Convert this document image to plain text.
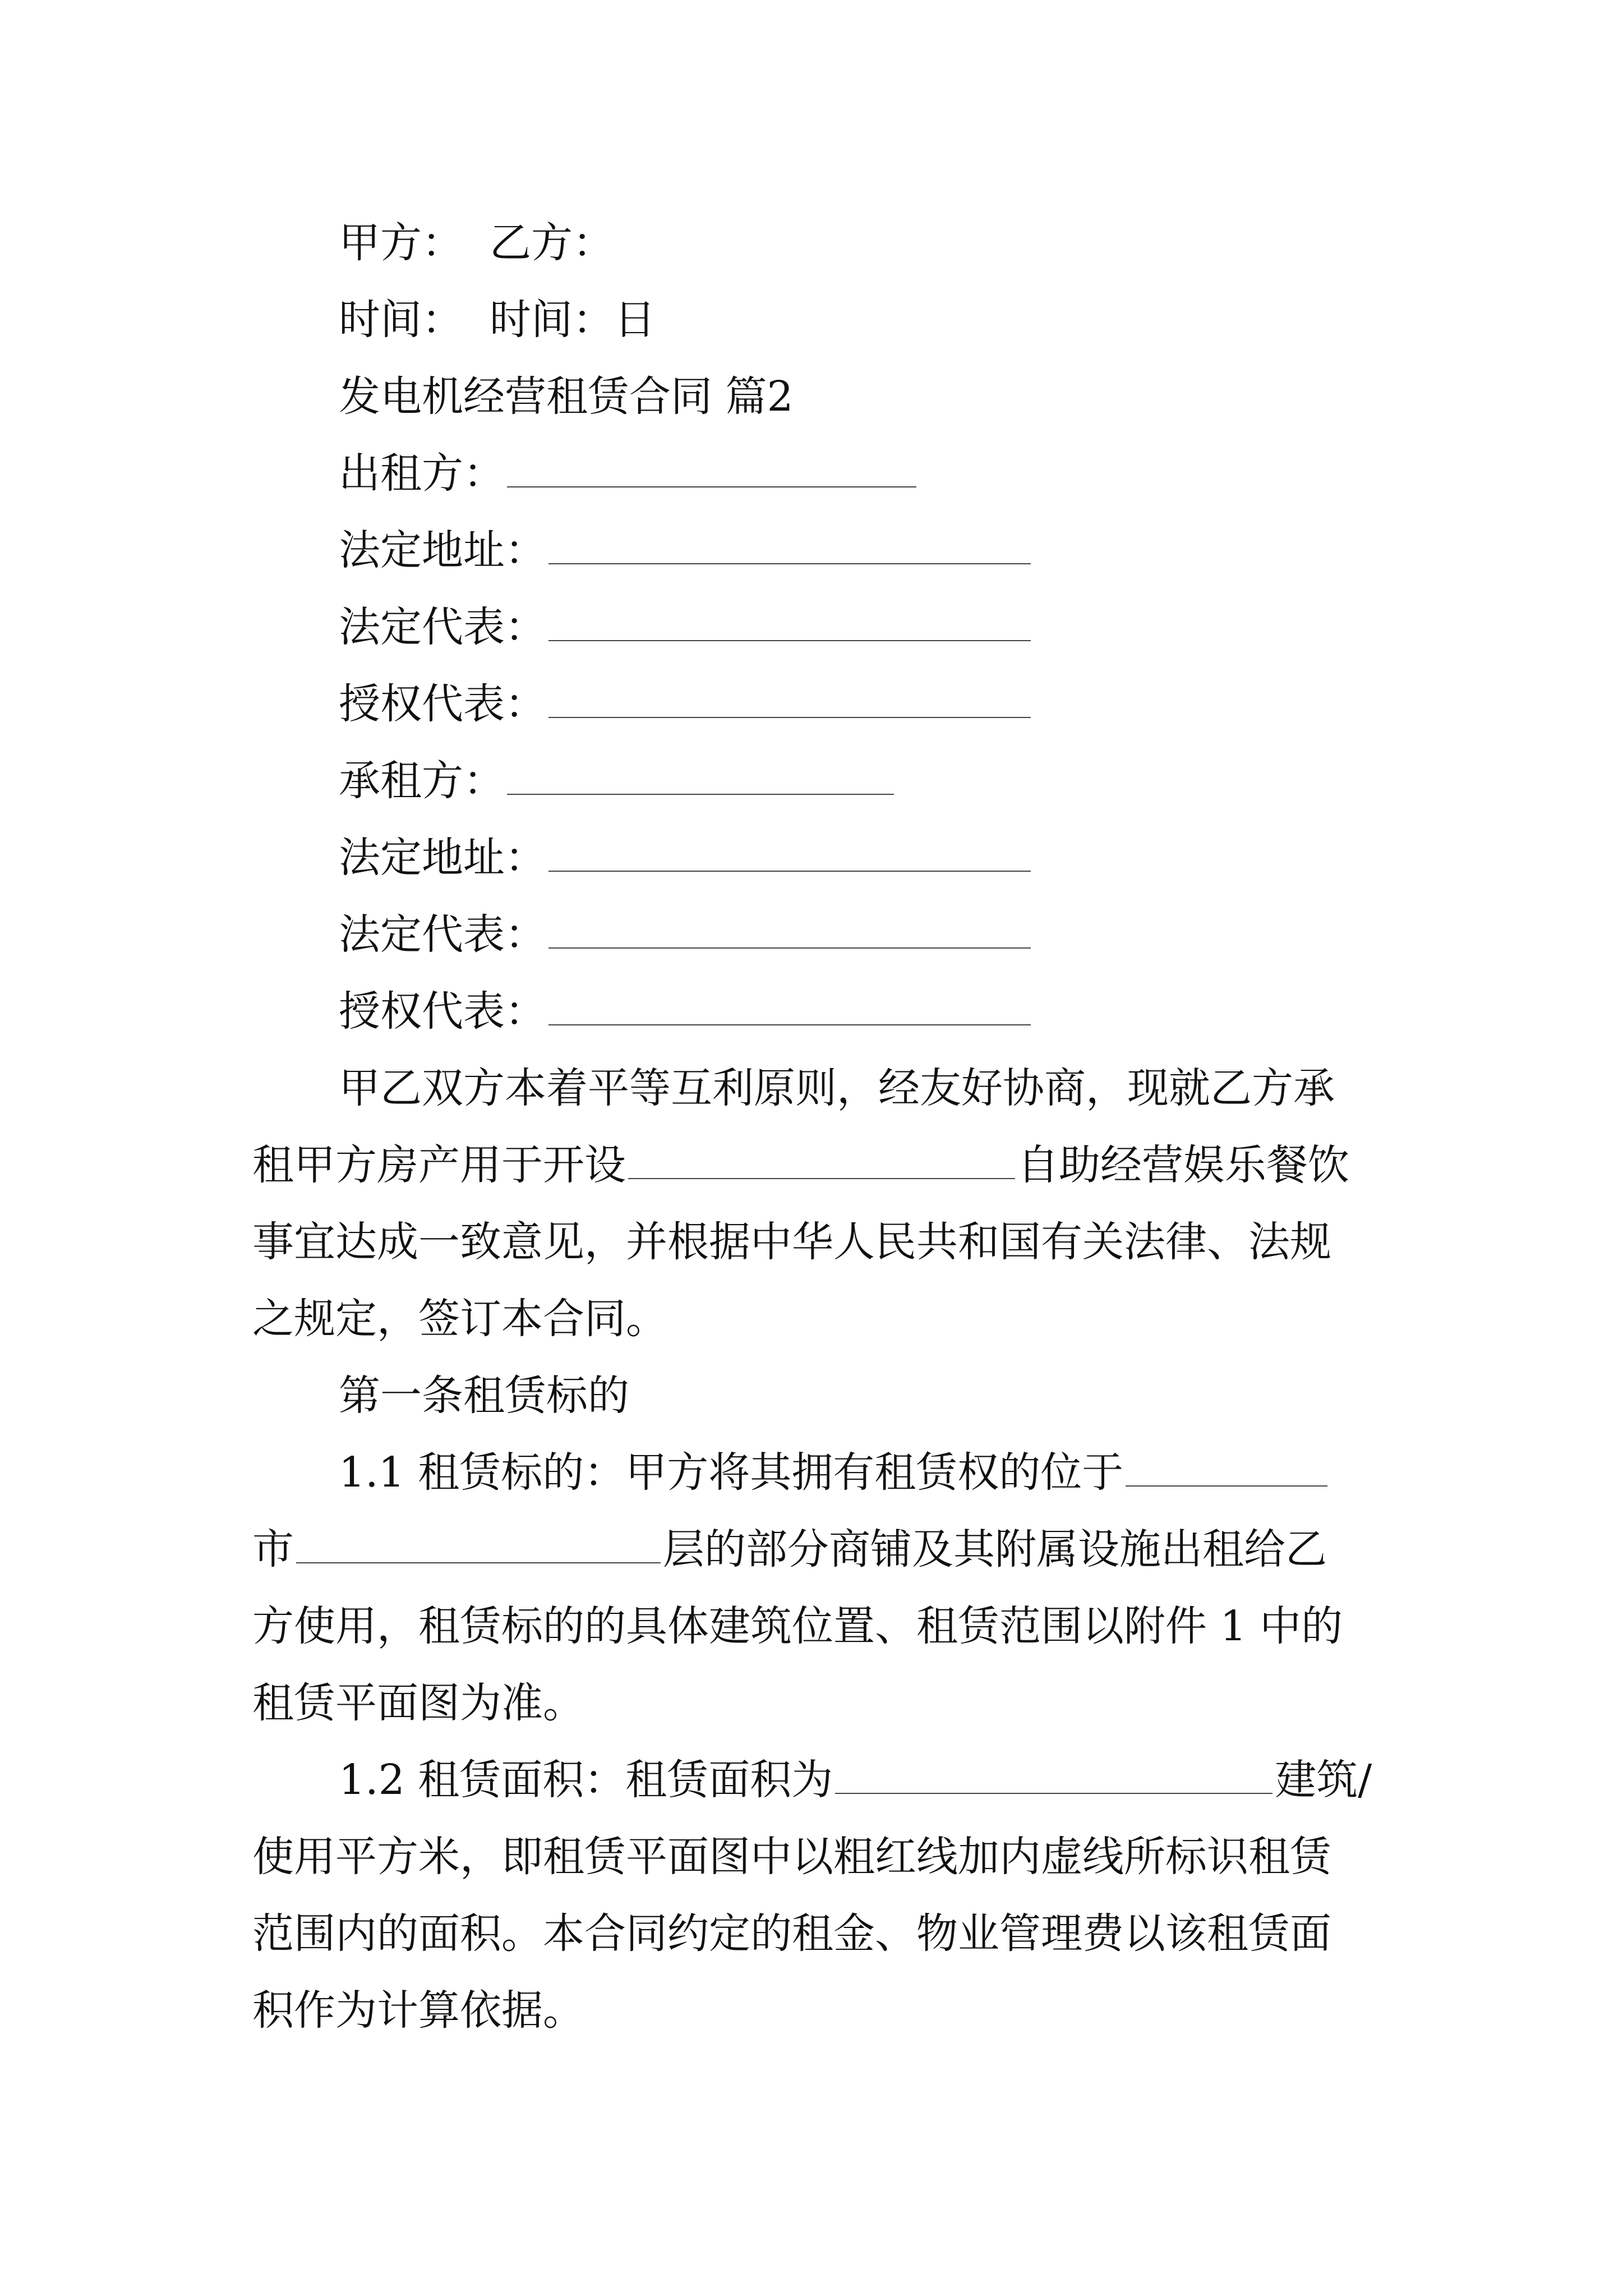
甲方： 乙方：
时间： 时间：日
发电机经营租赁合同 篇2
出租方：
法定地址：
法定代表：
授权代表：
承租方：
法定地址：
法定代表：
授权代表：
甲乙双方本着平等互利原则，经友好协商，现就乙方承
租甲方房产用于开设	自助经营娱乐餐饮
事宜达成一致意见，并根据中华人民共和国有关法律、法规
之规定，签订本合同。
第一条租赁标的
1.1 租赁标的：甲方将其拥有租赁权的位于
市	层的部分商铺及其附属设施出租给乙
方使用，租赁标的的具体建筑位置、租赁范围以附件 1 中的
租赁平面图为准。
1.2 租赁面积：租赁面积为	建筑/
使用平方米，即租赁平面图中以粗红线加内虚线所标识租赁
范围内的面积。本合同约定的租金、物业管理费以该租赁面
积作为计算依据。
